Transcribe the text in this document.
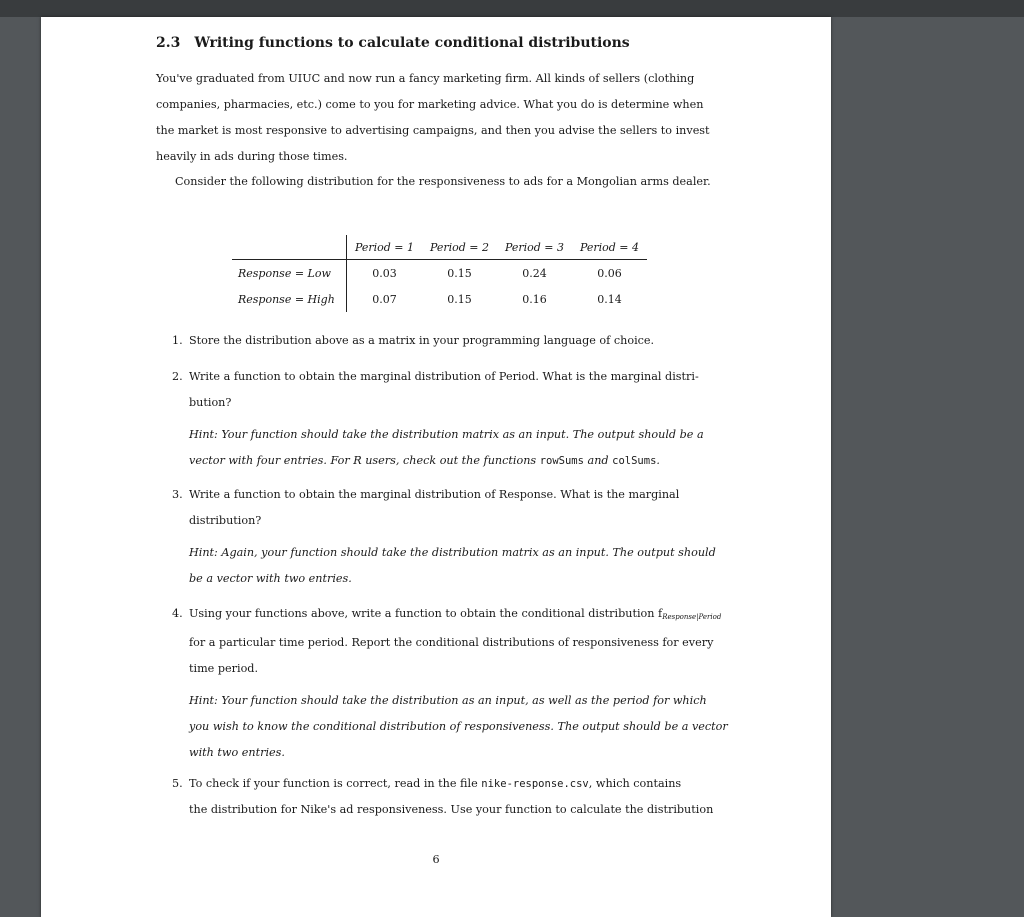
2.3 Writing functions to calculate conditional distributions
You've graduated from UIUC and now run a fancy marketing firm. All kinds of sellers (clothing
companies, pharmacies, etc.) come to you for marketing advice. What you do is determine when
the market is most responsive to advertising campaigns, and then you advise the sellers to invest
heavily in ads during those times.
Consider the following distribution for the responsiveness to ads for a Mongolian arms dealer.
	Period = 1	Period = 2	Period = 3	Period = 4
Response = Low	0.03	0.15	0.24	0.06
Response = High	0.07	0.15	0.16	0.14
1. Store the distribution above as a matrix in your programming language of choice.
2. Write a function to obtain the marginal distribution of Period. What is the marginal distri-
bution?
Hint: Your function should take the distribution matrix as an input. The output should be a
vector with four entries. For R users, check out the functions rowSums and colSums.
3. Write a function to obtain the marginal distribution of Response. What is the marginal
distribution?
Hint: Again, your function should take the distribution matrix as an input. The output should
be a vector with two entries.
4. Using your functions above, write a function to obtain the conditional distribution $f_{Response|Period}$
for a particular time period. Report the conditional distributions of responsiveness for every
time period.
Hint: Your function should take the distribution as an input, as well as the period for which
you wish to know the conditional distribution of responsiveness. The output should be a vector
with two entries.
5. To check if your function is correct, read in the file nike-response.csv, which contains
the distribution for Nike's ad responsiveness. Use your function to calculate the distribution
6
